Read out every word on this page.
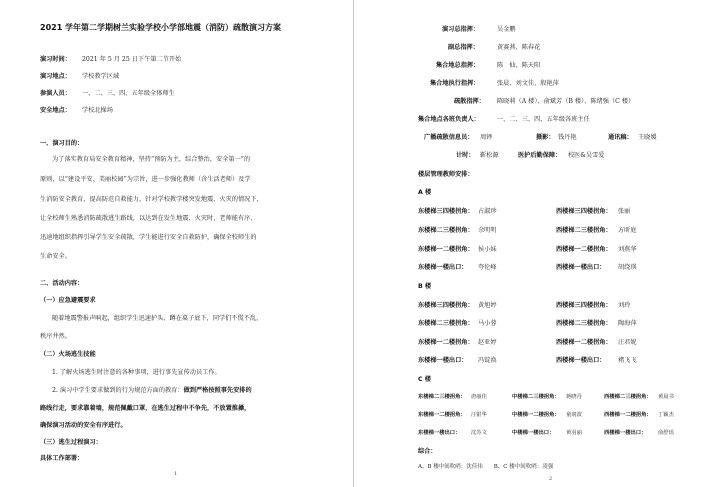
2021 学年第二学期树兰实验学校小学部地震（消防）疏散演习方案
演习时间： 2021 年 5 月 25 日下午第二节开始
演习地点： 学校教学区域
参演人员： 一、二、三、四、五年级全体师生
安全地点： 学校北操场
一、演习目的：
为了落实教育局安全教育精神，坚持“预防为主，综合整治，安全第一”的
原则，以“建设平安、美丽校园”为宗旨，进一步强化教师（含生活老师）及学
生消防安全教育，提高防范自救能力，针对学校教学楼突发地震、火灾的情况下，
让全校师生熟悉消防疏散逃生路线，以达到在发生地震、火灾时，老师能有序、
迅速地组织指挥引导学生安全疏散，学生能进行安全自救防护，确保全校师生的
生命安全。
二、活动内容：
（一）应急避震要求
随着地震警报声响起，组织学生迅速护头、蹲在桌子底下，同学们不慌不乱，
秩序井然。
（二）火场逃生技能
1. 了解火场逃生时注意的各种事项，进行事先宣传动员工作。
2. 演习中学生要求做到的行为规范方面的教育：做到严格按照事先安排的
路线行走，要求靠着墙，规范佩戴口罩，在逃生过程中不争先，不放置推搡，
确保演习活动的安全有序进行。
（三）逃生过程演习：
具体工作部署：
1
演习总指挥：	吴金鹏
副总指挥：	黄赛燕、陈春花
集合地总指挥：	陈　仙、陈天阳
集合地执行指挥：	张晨、刘文佳、殷艳萍
疏散指挥： 陈晓莉（A 楼）、俞斌芳（B 楼）、陈绪强（C 楼）
集合地点各班负责人：	一、二、三、四、五年级各班主任
广播疏散信息员： 周铎	摄影： 钱丹艳	通讯稿： 王晓媛
计时： 靳松源	医护后勤保障： 校医&吴雪爱
楼层管理教师安排：
A 楼
东楼梯三四楼拐角： 占淑珍	西楼梯三四楼拐角： 张丽
东楼梯二三楼拐角： 余明明	西楼梯二三楼拐角： 方昕庭
东楼梯一二楼拐角： 侯小妹	西楼梯一二楼拐角： 刘燕华
东楼梯一楼出口： 夸伦峰	西楼梯一楼出口： 胡绕瑛
B 楼
东楼梯三四楼拐角： 黄旭婷	西楼梯三四楼拐角： 刘玲
东楼梯二三楼拐角： 马小蓉	西楼梯二三楼拐角： 陶海萍
东楼梯一二楼拐角： 赵亚婷	西楼梯一二楼拐角： 汪君妮
东楼梯一楼出口： 冯锭涣	西楼梯一楼出口： 褚飞飞
C 楼
东楼梯二三楼拐角： 唐丽佳	中楼梯二三楼拐角： 蒋晓丹	西楼梯二三楼拐角： 黄晨书
东楼梯一二楼拐角： 汪银华	中楼梯一二楼拐角： 童润波	西楼梯一二楼拐角： 丁颖杰
东楼梯一楼出口： 沈苏文	中楼梯一楼出口： 黄羽丽	西楼梯一楼出口： 俞舒瑶
综合：
A、B 楼中间吹哨：沈佳伟　　B、C 楼中间吹哨：凌强
2
